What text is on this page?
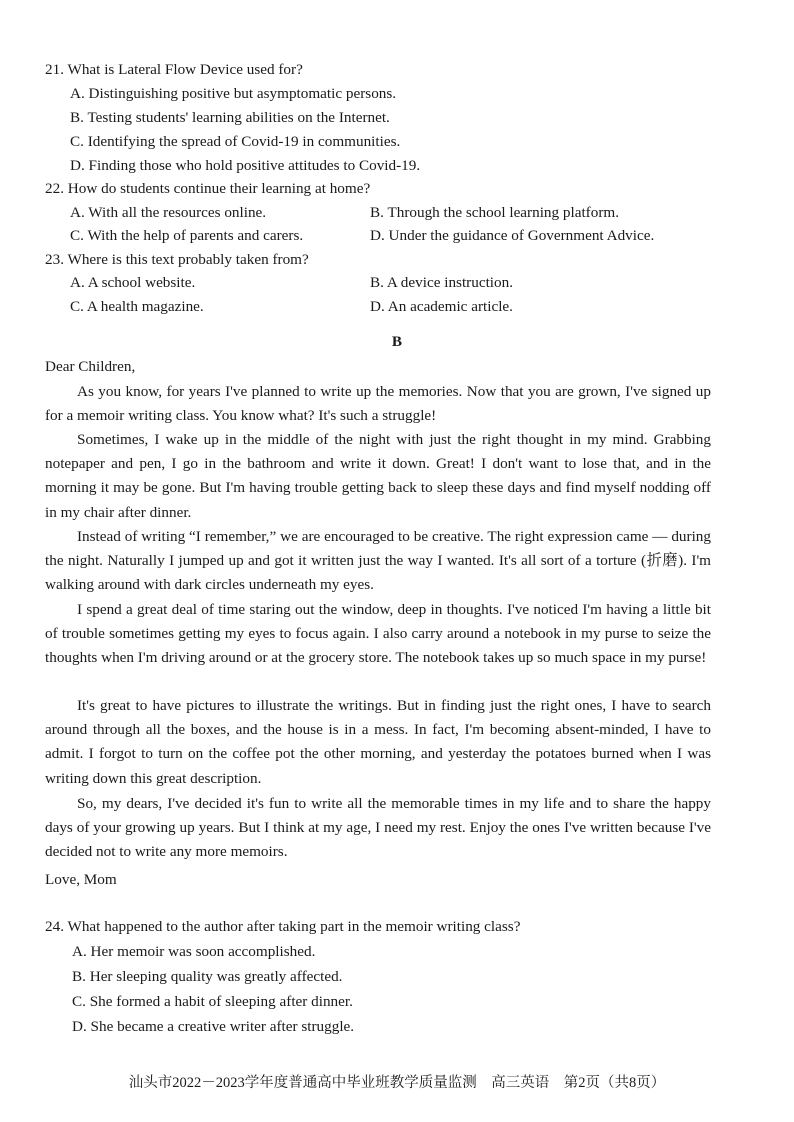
21. What is Lateral Flow Device used for?
A. Distinguishing positive but asymptomatic persons.
B. Testing students' learning abilities on the Internet.
C. Identifying the spread of Covid-19 in communities.
D. Finding those who hold positive attitudes to Covid-19.
22. How do students continue their learning at home?
A. With all the resources online.	B. Through the school learning platform.
C. With the help of parents and carers.	D. Under the guidance of Government Advice.
23. Where is this text probably taken from?
A. A school website.	B. A device instruction.
C. A health magazine.	D. An academic article.
B
Dear Children,
As you know, for years I've planned to write up the memories. Now that you are grown, I've signed up for a memoir writing class. You know what? It's such a struggle!
Sometimes, I wake up in the middle of the night with just the right thought in my mind. Grabbing notepaper and pen, I go in the bathroom and write it down. Great! I don't want to lose that, and in the morning it may be gone. But I'm having trouble getting back to sleep these days and find myself nodding off in my chair after dinner.
Instead of writing “I remember,” we are encouraged to be creative. The right expression came — during the night. Naturally I jumped up and got it written just the way I wanted. It's all sort of a torture (折磨). I'm walking around with dark circles underneath my eyes.
I spend a great deal of time staring out the window, deep in thoughts. I've noticed I'm having a little bit of trouble sometimes getting my eyes to focus again. I also carry around a notebook in my purse to seize the thoughts when I'm driving around or at the grocery store. The notebook takes up so much space in my purse!
It's great to have pictures to illustrate the writings. But in finding just the right ones, I have to search around through all the boxes, and the house is in a mess. In fact, I'm becoming absent-minded, I have to admit. I forgot to turn on the coffee pot the other morning, and yesterday the potatoes burned when I was writing down this great description.
So, my dears, I've decided it's fun to write all the memorable times in my life and to share the happy days of your growing up years. But I think at my age, I need my rest. Enjoy the ones I've written because I've decided not to write any more memoirs.
Love, Mom
24. What happened to the author after taking part in the memoir writing class?
A. Her memoir was soon accomplished.
B. Her sleeping quality was greatly affected.
C. She formed a habit of sleeping after dinner.
D. She became a creative writer after struggle.
汕头市2022－2023学年度普通高中毕业班教学质量监测　高三英语　第2页（共8页）
